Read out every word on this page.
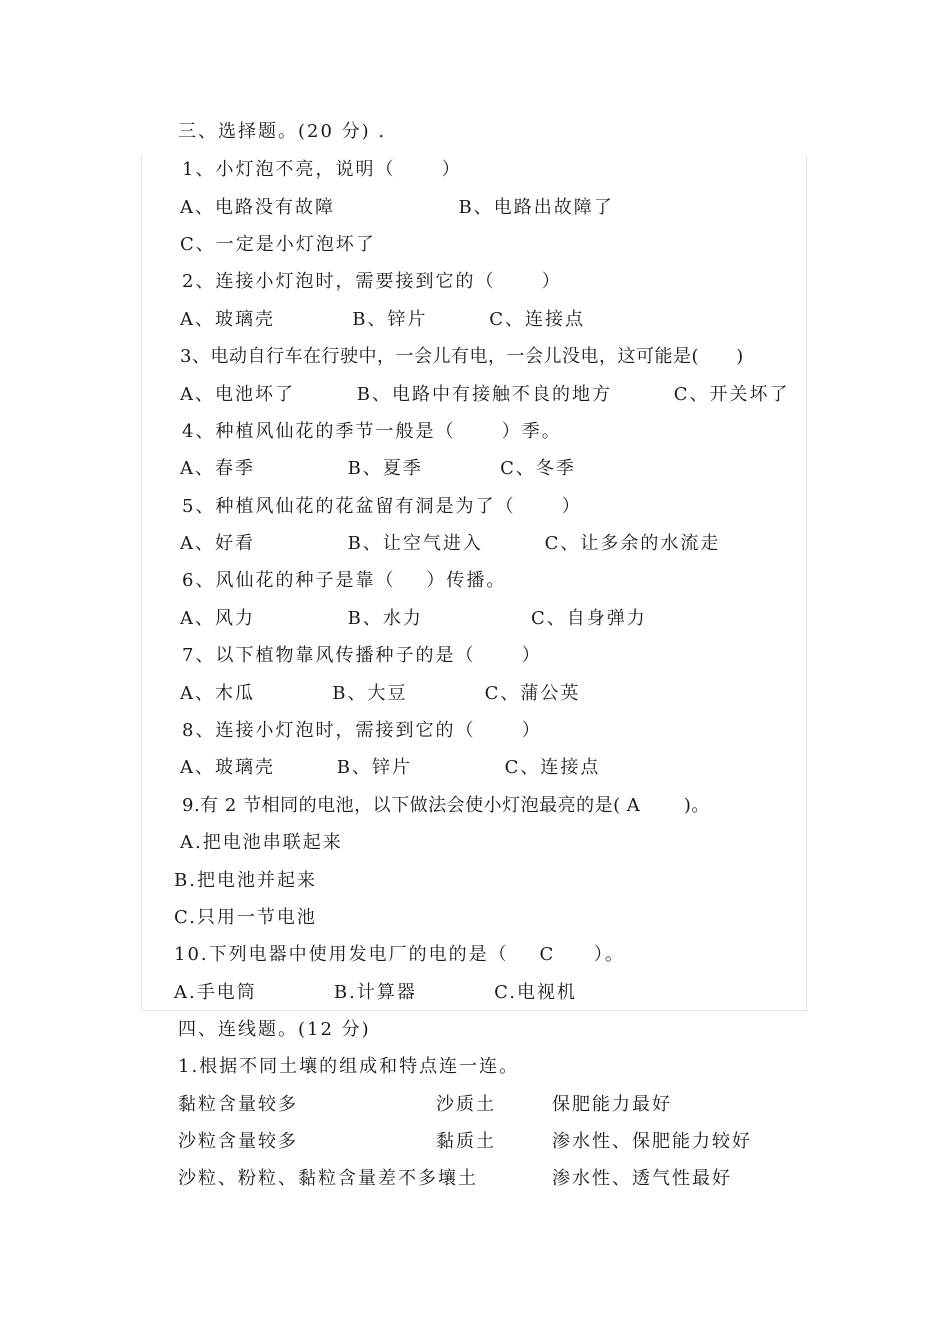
三、选择题。(20 分) .
1、小灯泡不亮，说明（      ）
A、电路没有故障                B、电路出故障了
C、一定是小灯泡坏了
2、连接小灯泡时，需要接到它的（      ）
A、玻璃壳          B、锌片        C、连接点
3、电动自行车在行驶中，一会儿有电，一会儿没电，这可能是(      )
A、电池坏了        B、电路中有接触不良的地方        C、开关坏了
4、种植风仙花的季节一般是（      ）季。
A、春季            B、夏季          C、冬季
5、种植风仙花的花盆留有洞是为了（      ）
A、好看            B、让空气进入        C、让多余的水流走
6、风仙花的种子是靠（    ）传播。
A、风力            B、水力              C、自身弹力
7、以下植物靠风传播种子的是（      ）
A、木瓜          B、大豆          C、蒲公英
8、连接小灯泡时，需接到它的（      ）
A、玻璃壳        B、锌片            C、连接点
9.有 2 节相同的电池，以下做法会使小灯泡最亮的是( A       )。
A.把电池串联起来
B.把电池并起来
C.只用一节电池
10.下列电器中使用发电厂的电的是（    C     ）。
A.手电筒          B.计算器          C.电视机
四、连线题。(12 分)
1.根据不同土壤的组成和特点连一连。
黏粒含量较多	沙质土	保肥能力最好
沙粒含量较多	黏质土	渗水性、保肥能力较好
沙粒、粉粒、黏粒含量差不多壤土	渗水性、透气性最好
